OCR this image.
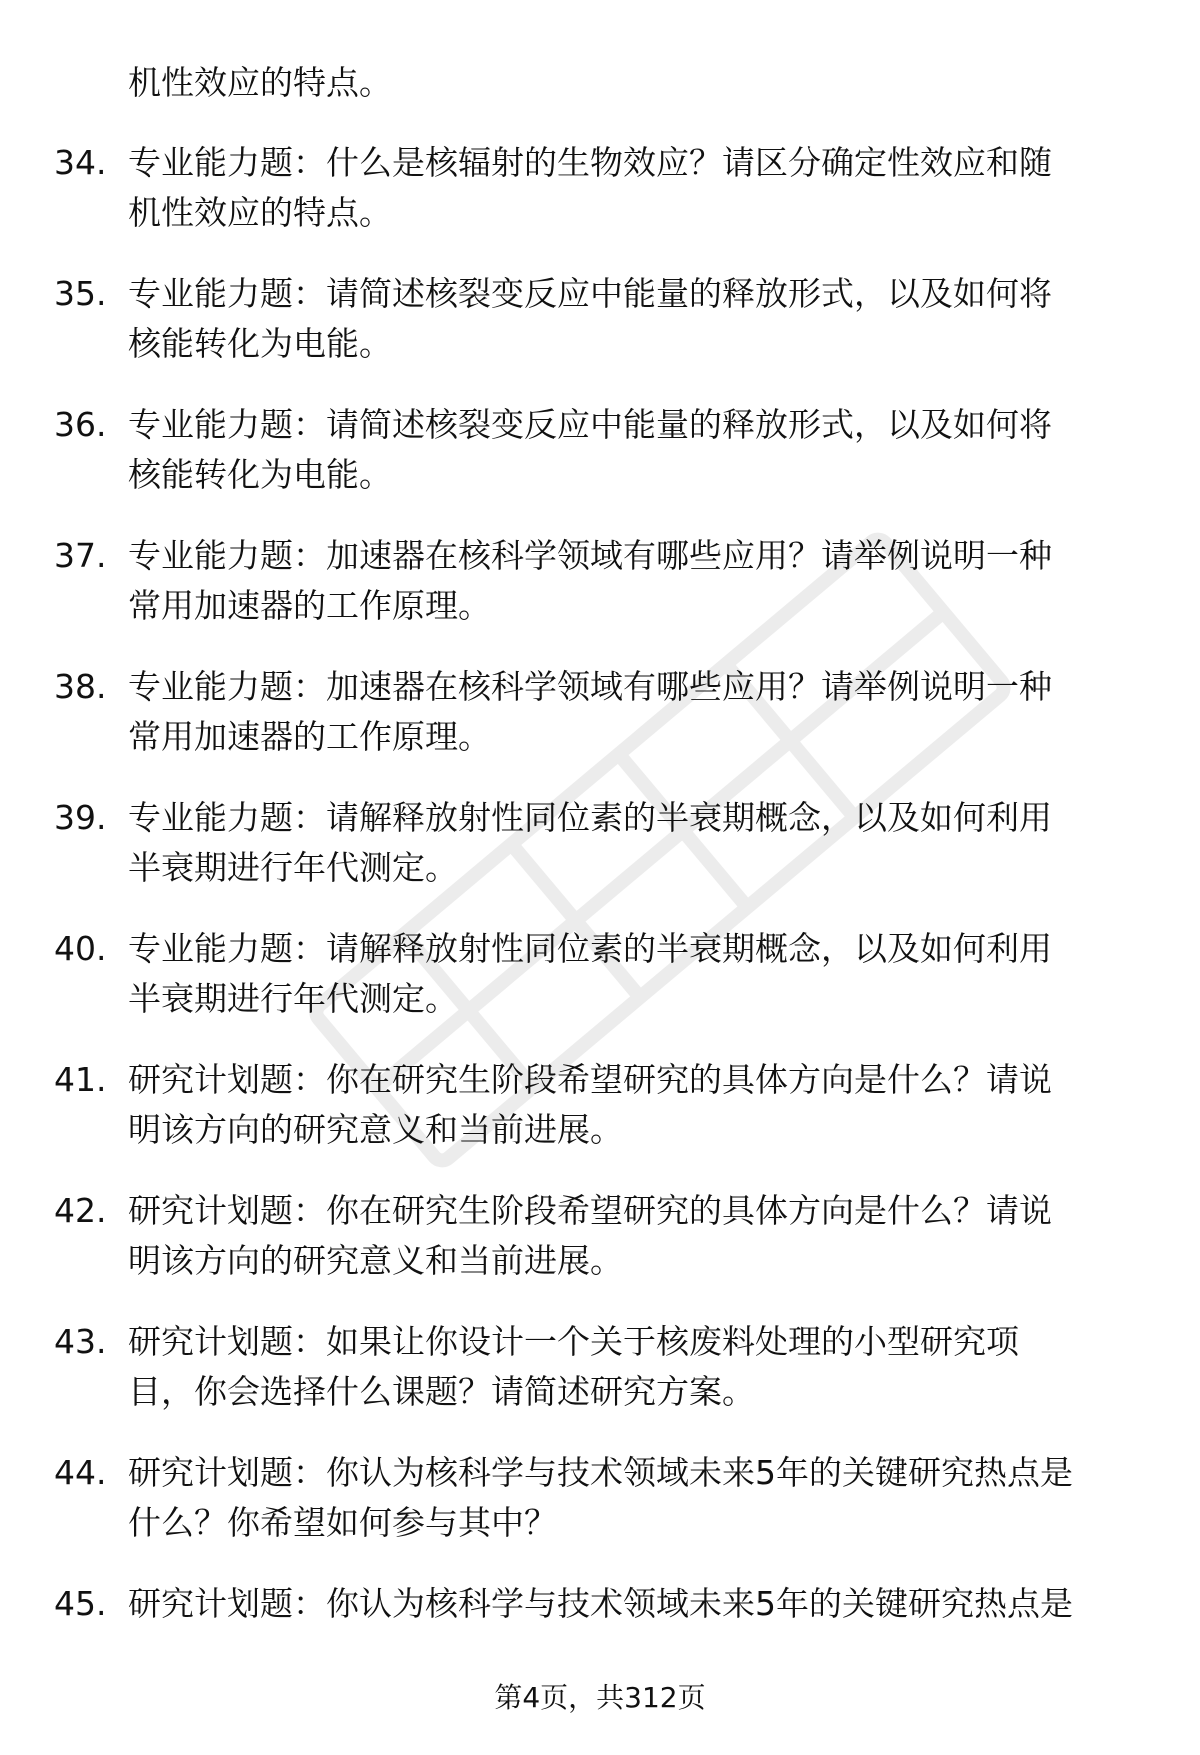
机性效应的特点。
34. 专业能力题：什么是核辐射的生物效应？请区分确定性效应和随
机性效应的特点。
35. 专业能力题：请简述核裂变反应中能量的释放形式，以及如何将
核能转化为电能。
36. 专业能力题：请简述核裂变反应中能量的释放形式，以及如何将
核能转化为电能。
37. 专业能力题：加速器在核科学领域有哪些应用？请举例说明一种
常用加速器的工作原理。
38. 专业能力题：加速器在核科学领域有哪些应用？请举例说明一种
常用加速器的工作原理。
39. 专业能力题：请解释放射性同位素的半衰期概念，以及如何利用
半衰期进行年代测定。
40. 专业能力题：请解释放射性同位素的半衰期概念，以及如何利用
半衰期进行年代测定。
41. 研究计划题：你在研究生阶段希望研究的具体方向是什么？请说
明该方向的研究意义和当前进展。
42. 研究计划题：你在研究生阶段希望研究的具体方向是什么？请说
明该方向的研究意义和当前进展。
43. 研究计划题：如果让你设计一个关于核废料处理的小型研究项
目，你会选择什么课题？请简述研究方案。
44. 研究计划题：你认为核科学与技术领域未来5年的关键研究热点是
什么？你希望如何参与其中？
45. 研究计划题：你认为核科学与技术领域未来5年的关键研究热点是
第4页，共312页
